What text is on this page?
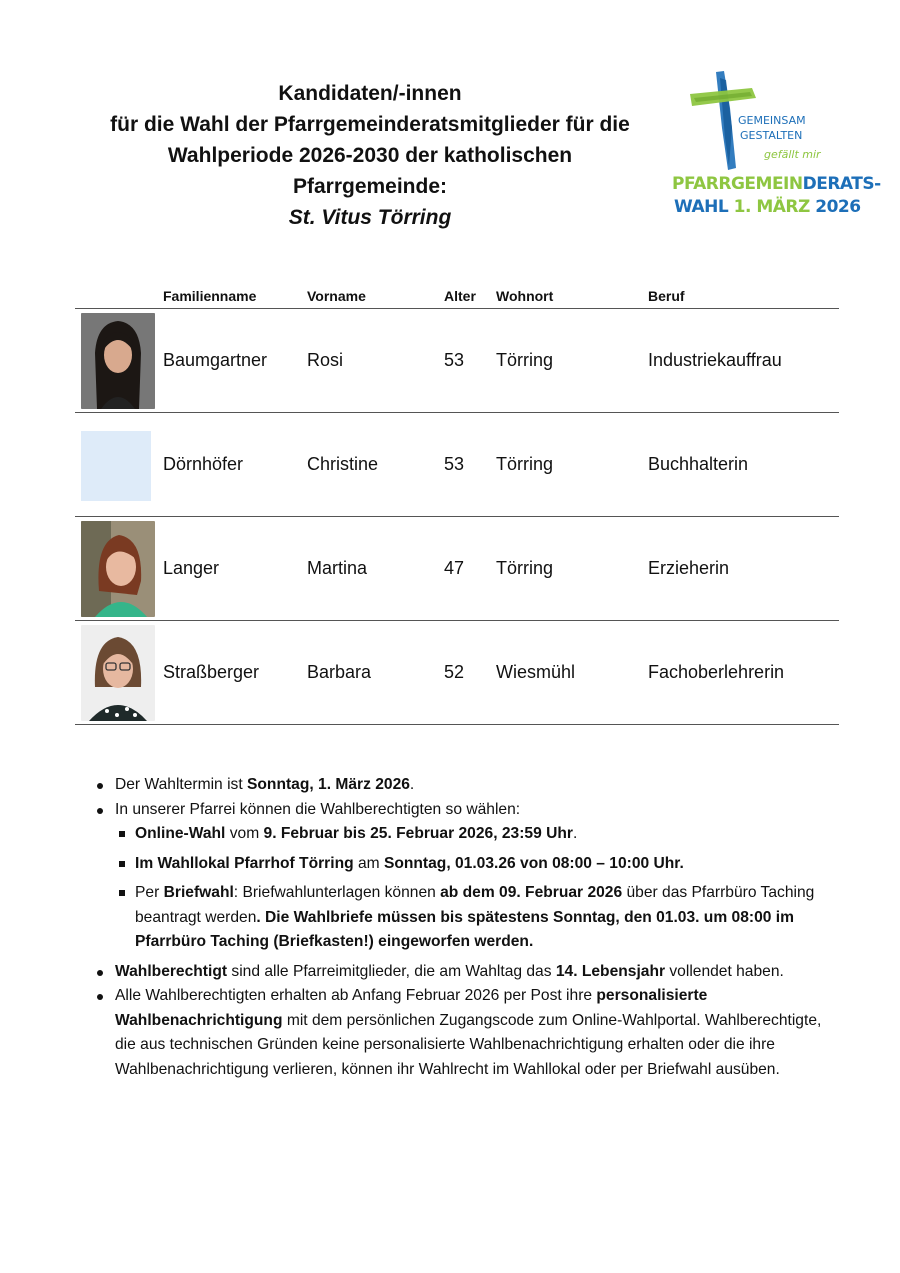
Kandidaten/-innen
für die Wahl der Pfarrgemeinderatsmitglieder für die
Wahlperiode 2026-2030 der katholischen
Pfarrgemeinde:
St. Vitus Törring
GEMEINSAM
GESTALTEN
gefällt mir
PFARRGEMEINDERATS-
WAHL 1. MÄRZ 2026
	Familienname	Vorname	Alter	Wohnort	Beruf

	Baumgartner	Rosi	53	Törring	Industriekauffrau

	Dörnhöfer	Christine	53	Törring	Buchhalterin

	Langer	Martina	47	Törring	Erzieherin

	Straßberger	Barbara	52	Wiesmühl	Fachoberlehrerin
Der Wahltermin ist Sonntag, 1. März 2026.
In unserer Pfarrei können die Wahlberechtigten so wählen:
Online-Wahl vom 9. Februar bis 25. Februar 2026, 23:59 Uhr.
Im Wahllokal Pfarrhof Törring am Sonntag, 01.03.26 von 08:00 – 10:00 Uhr.
Per Briefwahl: Briefwahlunterlagen können ab dem 09. Februar 2026 über das Pfarrbüro Taching beantragt werden. Die Wahlbriefe müssen bis spätestens Sonntag, den 01.03. um 08:00 im Pfarrbüro Taching (Briefkasten!) eingeworfen werden.
Wahlberechtigt sind alle Pfarreimitglieder, die am Wahltag das 14. Lebensjahr vollendet haben.
Alle Wahlberechtigten erhalten ab Anfang Februar 2026 per Post ihre personalisierte Wahlbenachrichtigung mit dem persönlichen Zugangscode zum Online-Wahlportal. Wahlberechtigte, die aus technischen Gründen keine personalisierte Wahlbenachrichtigung erhalten oder die ihre Wahlbenachrichtigung verlieren, können ihr Wahlrecht im Wahllokal oder per Briefwahl ausüben.
